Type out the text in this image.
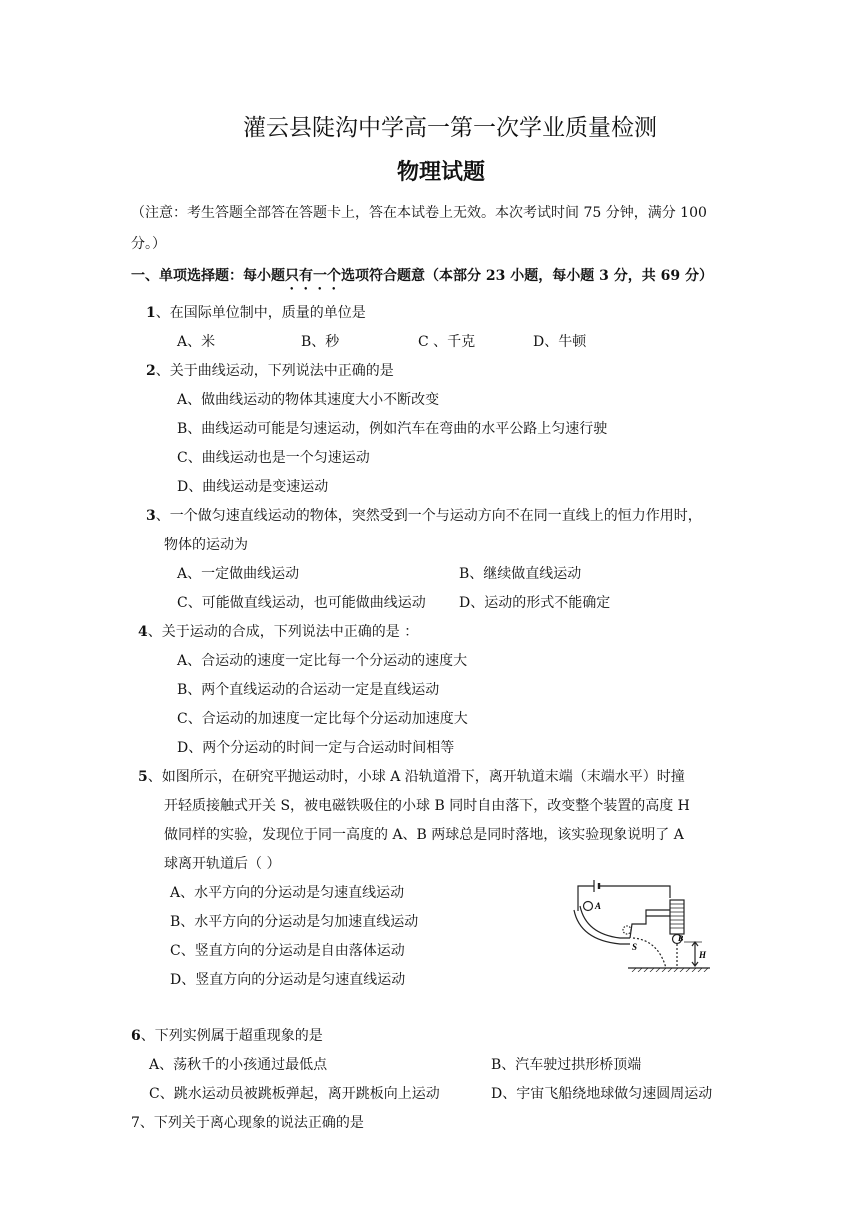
灌云县陡沟中学高一第一次学业质量检测
物理试题
（注意：考生答题全部答在答题卡上，答在本试卷上无效。本次考试时间 75 分钟，满分 100
分。）
一、单项选择题：每小题只有一个选项符合题意（本部分 23 小题，每小题 3 分，共 69 分）
1、在国际单位制中，质量的单位是
A、米	B、秒	C 、千克	D、牛顿
2、关于曲线运动，下列说法中正确的是
A、做曲线运动的物体其速度大小不断改变
B、曲线运动可能是匀速运动，例如汽车在弯曲的水平公路上匀速行驶
C、曲线运动也是一个匀速运动
D、曲线运动是变速运动
3、一个做匀速直线运动的物体，突然受到一个与运动方向不在同一直线上的恒力作用时，
物体的运动为
A、一定做曲线运动	B、继续做直线运动
C、可能做直线运动，也可能做曲线运动 D、运动的形式不能确定
4、关于运动的合成，下列说法中正确的是 ：
A、合运动的速度一定比每一个分运动的速度大
B、两个直线运动的合运动一定是直线运动
C、合运动的加速度一定比每个分运动加速度大
D、两个分运动的时间一定与合运动时间相等
5、如图所示，在研究平抛运动时，小球 A 沿轨道滑下，离开轨道末端（末端水平）时撞
开轻质接触式开关 S，被电磁铁吸住的小球 B 同时自由落下，改变整个装置的高度 H
做同样的实验，发现位于同一高度的 A、B 两球总是同时落地，该实验现象说明了 A
球离开轨道后（ ）
A、水平方向的分运动是匀速直线运动
B、水平方向的分运动是匀加速直线运动
C、竖直方向的分运动是自由落体运动
D、竖直方向的分运动是匀速直线运动
A
B
S
H
6、下列实例属于超重现象的是
A、荡秋千的小孩通过最低点	B、汽车驶过拱形桥顶端
C、跳水运动员被跳板弹起，离开跳板向上运动	D、宇宙飞船绕地球做匀速圆周运动
7、下列关于离心现象的说法正确的是
